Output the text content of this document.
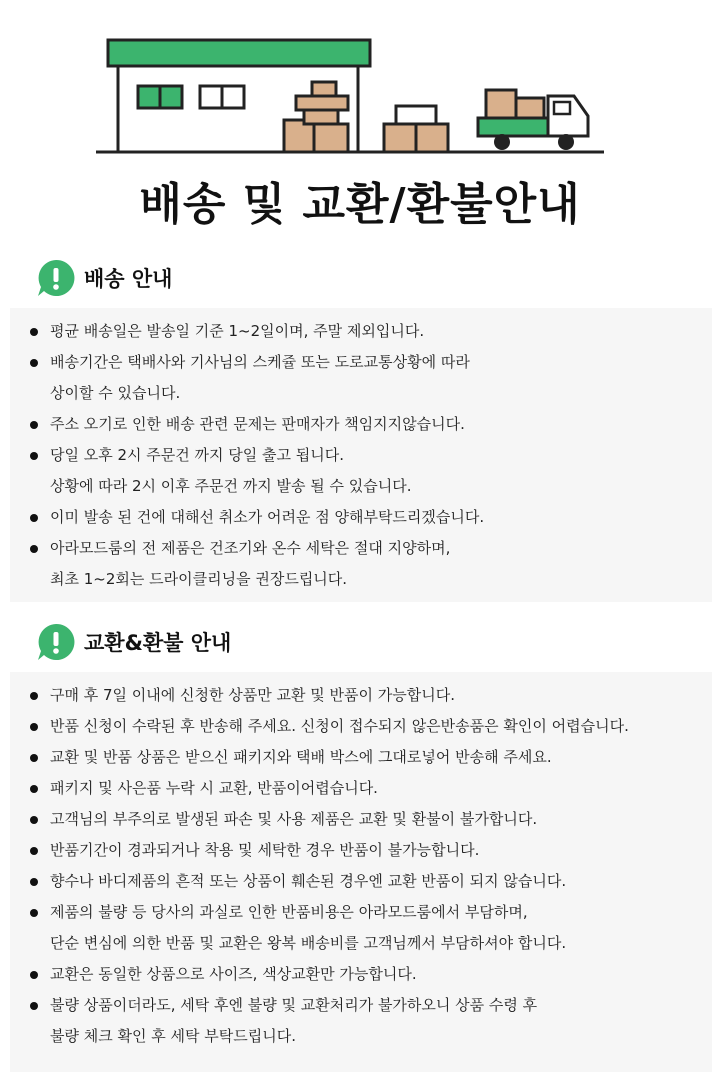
배송 및 교환/환불안내
배송 안내
평균 배송일은 발송일 기준 1~2일이며, 주말 제외입니다.
배송기간은 택배사와 기사님의 스케쥴 또는 도로교통상황에 따라
상이할 수 있습니다.
주소 오기로 인한 배송 관련 문제는 판매자가 책임지지않습니다.
당일 오후 2시 주문건 까지 당일 출고 됩니다.
상황에 따라 2시 이후 주문건 까지 발송 될 수 있습니다.
이미 발송 된 건에 대해선 취소가 어려운 점 양해부탁드리겠습니다.
아라모드룸의 전 제품은 건조기와 온수 세탁은 절대 지양하며,
최초 1~2회는 드라이클리닝을 권장드립니다.
교환&환불 안내
구매 후 7일 이내에 신청한 상품만 교환 및 반품이 가능합니다.
반품 신청이 수락된 후 반송해 주세요. 신청이 접수되지 않은반송품은 확인이 어렵습니다.
교환 및 반품 상품은 받으신 패키지와 택배 박스에 그대로넣어 반송해 주세요.
패키지 및 사은품 누락 시 교환, 반품이어렵습니다.
고객님의 부주의로 발생된 파손 및 사용 제품은 교환 및 환불이 불가합니다.
반품기간이 경과되거나 착용 및 세탁한 경우 반품이 불가능합니다.
향수나 바디제품의 흔적 또는 상품이 훼손된 경우엔 교환 반품이 되지 않습니다.
제품의 불량 등 당사의 과실로 인한 반품비용은 아라모드룸에서 부담하며,
단순 변심에 의한 반품 및 교환은 왕복 배송비를 고객님께서 부담하셔야 합니다.
교환은 동일한 상품으로 사이즈, 색상교환만 가능합니다.
불량 상품이더라도, 세탁 후엔 불량 및 교환처리가 불가하오니 상품 수령 후
불량 체크 확인 후 세탁 부탁드립니다.
